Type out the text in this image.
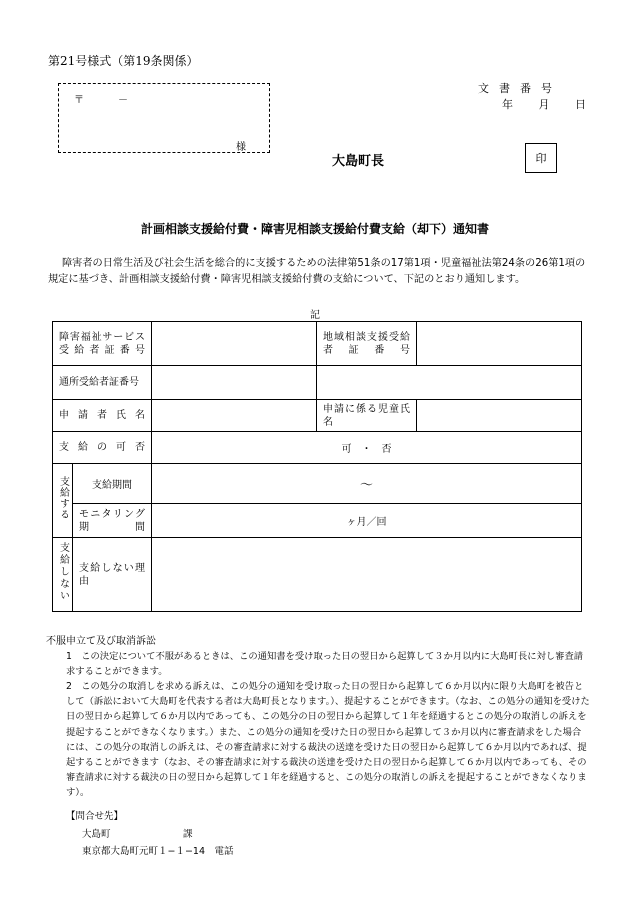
第21号様式（第19条関係）
〒	－
様
文書番号
年 月 日
大島町長	印
計画相談支援給付費・障害児相談支援給付費支給（却下）通知書
障害者の日常生活及び社会生活を総合的に支援するための法律第51条の17第1項・児童福祉法第24条の26第1項の規定に基づき、計画相談支援給付費・障害児相談支援給付費の支給について、下記のとおり通知します。
記
障害福祉サービス受給者証番号			地域相談支援受給者証番号	

通所受給者証番号			

申請者氏名			申請に係る児童氏名	
支給の可否		可　・　否		
支給する	支給期間	～		
	モニタリング期間	ヶ月／回		
支給しない	支給しない理由			
不服申立て及び取消訴訟
1　この決定について不服があるときは、この通知書を受け取った日の翌日から起算して３か月以内に大島町長に対し審査請求することができます。
2　この処分の取消しを求める訴えは、この処分の通知を受け取った日の翌日から起算して６か月以内に限り大島町を被告として（訴訟において大島町を代表する者は大島町長となります。）、提起することができます。（なお、この処分の通知を受けた日の翌日から起算して６か月以内であっても、この処分の日の翌日から起算して１年を経過するとこの処分の取消しの訴えを提起することができなくなります。）また、この処分の通知を受けた日の翌日から起算して３か月以内に審査請求をした場合には、この処分の取消しの訴えは、その審査請求に対する裁決の送達を受けた日の翌日から起算して６か月以内であれば、提起することができます（なお、その審査請求に対する裁決の送達を受けた日の翌日から起算して６か月以内であっても、その審査請求に対する裁決の日の翌日から起算して１年を経過すると、この処分の取消しの訴えを提起することができなくなります）。
【問合せ先】
大島町	課
東京都大島町元町１−１−14　電話
